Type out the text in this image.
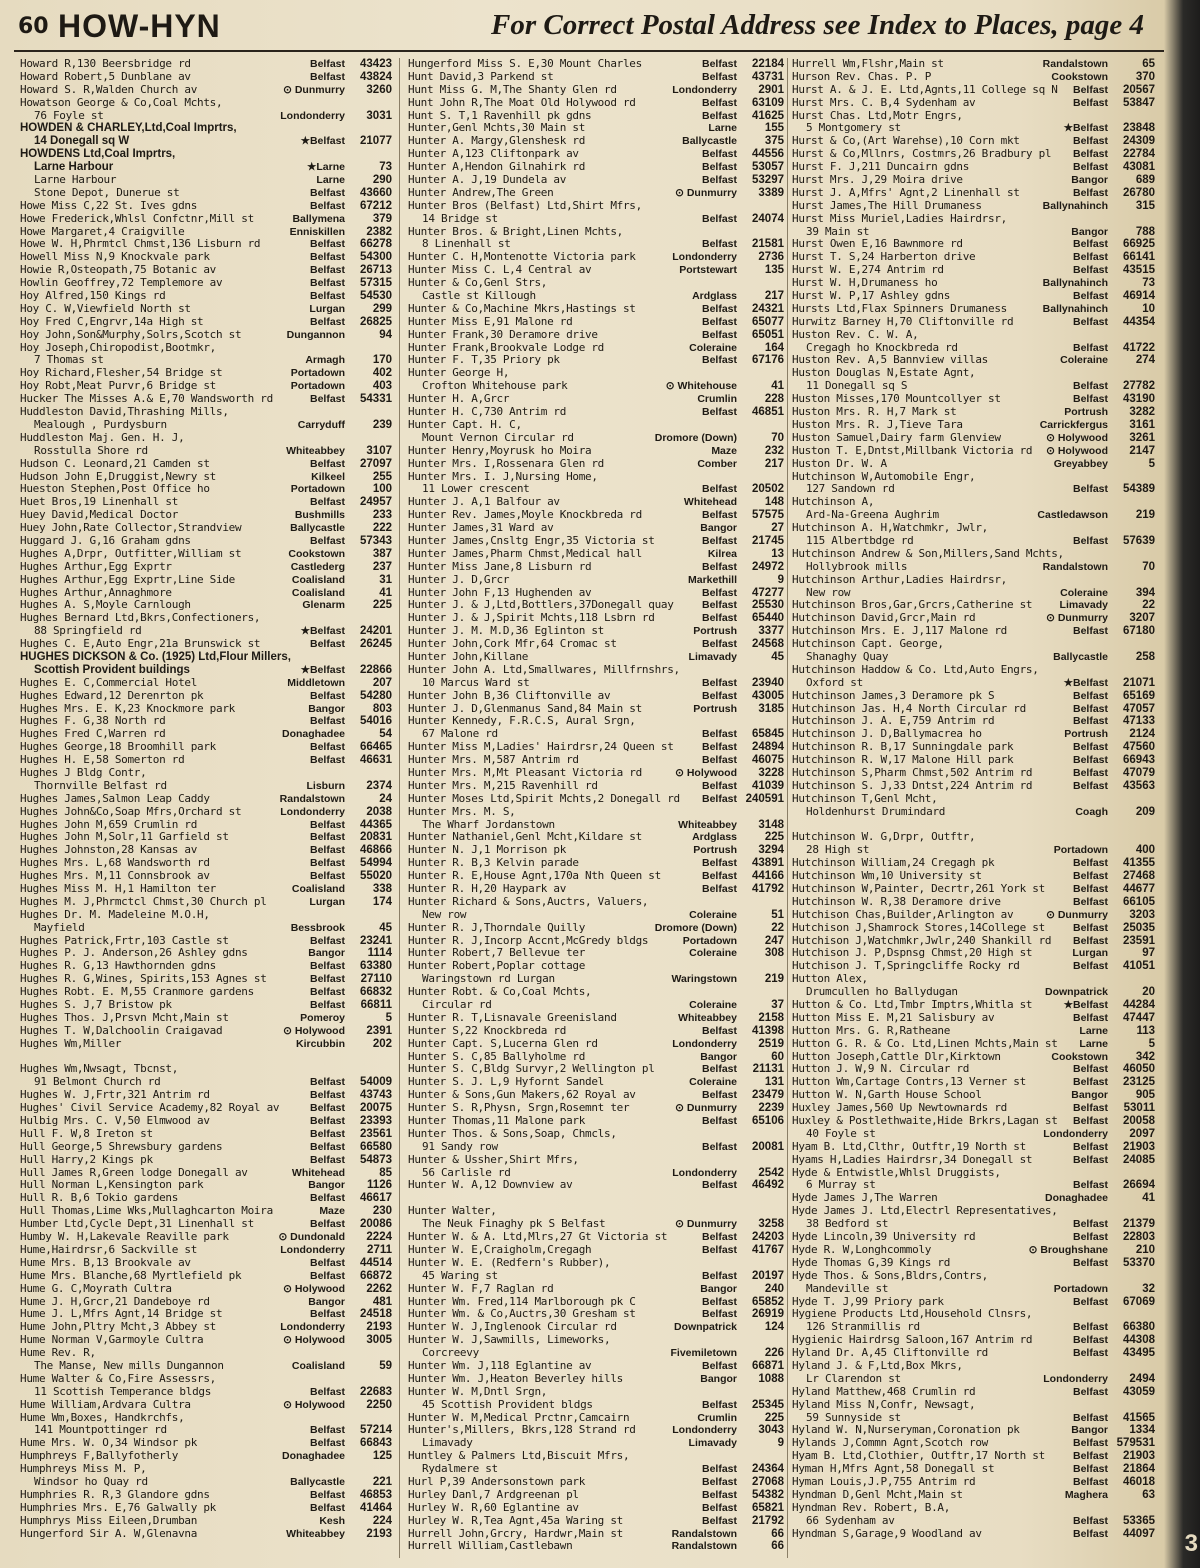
60 HOW-HYN	For Correct Postal Address see Index to Places, page 4
Howard R,130 Beersbridge rd	Belfast	43423
Howard Robert,5 Dunblane av	Belfast	43824
Howard S. R,Walden Church av	⊙ Dunmurry	3260
Howatson George & Co,Coal Mchts,
76 Foyle st	Londonderry	3031
HOWDEN & CHARLEY,Ltd,Coal Imprtrs,
14 Donegall sq W	★Belfast	21077
HOWDENS Ltd,Coal Imprtrs,
Larne Harbour	★Larne	73
Larne Harbour	Larne	290
Stone Depot, Dunerue st	Belfast	43660
Howe Miss C,22 St. Ives gdns	Belfast	67212
Howe Frederick,Whlsl Confctnr,Mill st	Ballymena	379
Howe Margaret,4 Craigville	Enniskillen	2382
Howe W. H,Phrmtcl Chmst,136 Lisburn rd	Belfast	66278
Howell Miss N,9 Knockvale park	Belfast	54300
Howie R,Osteopath,75 Botanic av	Belfast	26713
Howlin Geoffrey,72 Templemore av	Belfast	57315
Hoy Alfred,150 Kings rd	Belfast	54530
Hoy C. W,Viewfield North st	Lurgan	299
Hoy Fred C,Engrvr,14a High st	Belfast	26825
Hoy John,Son&Murphy,Solrs,Scotch st	Dungannon	94
Hoy Joseph,Chiropodist,Bootmkr,
7 Thomas st	Armagh	170
Hoy Richard,Flesher,54 Bridge st	Portadown	402
Hoy Robt,Meat Purvr,6 Bridge st	Portadown	403
Hucker The Misses A.& E,70 Wandsworth rd	Belfast	54331
Huddleston David,Thrashing Mills,
Mealough , Purdysburn	Carryduff	239
Huddleston Maj. Gen. H. J,
Rosstulla Shore rd	Whiteabbey	3107
Hudson C. Leonard,21 Camden st	Belfast	27097
Hudson John E,Druggist,Newry st	Kilkeel	255
Hueston Stephen,Post Office ho	Portadown	100
Huet Bros,19 Linenhall st	Belfast	24957
Huey David,Medical Doctor	Bushmills	233
Huey John,Rate Collector,Strandview	Ballycastle	222
Huggard J. G,16 Graham gdns	Belfast	57343
Hughes A,Drpr, Outfitter,William st	Cookstown	387
Hughes Arthur,Egg Exprtr	Castlederg	237
Hughes Arthur,Egg Exprtr,Line Side	Coalisland	31
Hughes Arthur,Annaghmore	Coalisland	41
Hughes A. S,Moyle Carnlough	Glenarm	225
Hughes Bernard Ltd,Bkrs,Confectioners,
88 Springfield rd	★Belfast	24201
Hughes C. E,Auto Engr,21a Brunswick st	Belfast	26245
HUGHES DICKSON & Co. (1925) Ltd,Flour Millers,
Scottish Provident buildings	★Belfast	22866
Hughes E. C,Commercial Hotel	Middletown	207
Hughes Edward,12 Derenrton pk	Belfast	54280
Hughes Mrs. E. K,23 Knockmore park	Bangor	803
Hughes F. G,38 North rd	Belfast	54016
Hughes Fred C,Warren rd	Donaghadee	54
Hughes George,18 Broomhill park	Belfast	66465
Hughes H. E,58 Somerton rd	Belfast	46631
Hughes J Bldg Contr,
Thornville Belfast rd	Lisburn	2374
Hughes James,Salmon Leap Caddy	Randalstown	24
Hughes John&Co,Soap Mfrs,Orchard st	Londonderry	2038
Hughes John M,659 Crumlin rd	Belfast	44365
Hughes John M,Solr,11 Garfield st	Belfast	20831
Hughes Johnston,28 Kansas av	Belfast	46866
Hughes Mrs. L,68 Wandsworth rd	Belfast	54994
Hughes Mrs. M,11 Connsbrook av	Belfast	55020
Hughes Miss M. H,1 Hamilton ter	Coalisland	338
Hughes M. J,Phrmctcl Chmst,30 Church pl	Lurgan	174
Hughes Dr. M. Madeleine M.O.H,
Mayfield	Bessbrook	45
Hughes Patrick,Frtr,103 Castle st	Belfast	23241
Hughes P. J. Anderson,26 Ashley gdns	Bangor	1114
Hughes R. G,13 Hawthornden gdns	Belfast	63380
Hughes R. G,Wines, Spirits,153 Agnes st	Belfast	27110
Hughes Robt. E. M,55 Cranmore gardens	Belfast	66832
Hughes S. J,7 Bristow pk	Belfast	66811
Hughes Thos. J,Prsvn Mcht,Main st	Pomeroy	5
Hughes T. W,Dalchoolin Craigavad	⊙ Holywood	2391
Hughes Wm,Miller	Kircubbin	202
Hughes Wm,Nwsagt, Tbcnst,
91 Belmont Church rd	Belfast	54009
Hughes W. J,Frtr,321 Antrim rd	Belfast	43743
Hughes' Civil Service Academy,82 Royal av	Belfast	20075
Hulbig Mrs. C. V,50 Elmwood av	Belfast	23393
Hull F. W,8 Ireton st	Belfast	23561
Hull George,5 Shrewsbury gardens	Belfast	66580
Hull Harry,2 Kings pk	Belfast	54873
Hull James R,Green lodge Donegall av	Whitehead	85
Hull Norman L,Kensington park	Bangor	1126
Hull R. B,6 Tokio gardens	Belfast	46617
Hull Thomas,Lime Wks,Mullaghcarton Moira	Maze	230
Humber Ltd,Cycle Dept,31 Linenhall st	Belfast	20086
Humby W. H,Lakevale Reaville park	⊙ Dundonald	2224
Hume,Hairdrsr,6 Sackville st	Londonderry	2711
Hume Mrs. B,13 Brookvale av	Belfast	44514
Hume Mrs. Blanche,68 Myrtlefield pk	Belfast	66872
Hume G. C,Moyrath Cultra	⊙ Holywood	2262
Hume J. H,Grcr,21 Dandeboye rd	Bangor	481
Hume J. L,Mfrs Agnt,14 Bridge st	Belfast	24518
Hume John,Pltry Mcht,3 Abbey st	Londonderry	2193
Hume Norman V,Garmoyle Cultra	⊙ Holywood	3005
Hume Rev. R,
The Manse, New mills Dungannon	Coalisland	59
Hume Walter & Co,Fire Assessrs,
11 Scottish Temperance bldgs	Belfast	22683
Hume William,Ardvara Cultra	⊙ Holywood	2250
Hume Wm,Boxes, Handkrchfs,
141 Mountpottinger rd	Belfast	57214
Hume Mrs. W. O,34 Windsor pk	Belfast	66843
Humphreys F,Ballyfotherly	Donaghadee	125
Humphreys Miss M. P,
Windsor ho Quay rd	Ballycastle	221
Humphries R. R,3 Glandore gdns	Belfast	46853
Humphries Mrs. E,76 Galwally pk	Belfast	41464
Humphrys Miss Eileen,Drumban	Kesh	224
Hungerford Sir A. W,Glenavna	Whiteabbey	2193
Hungerford Miss S. E,30 Mount Charles	Belfast	22184
Hunt David,3 Parkend st	Belfast	43731
Hunt Miss G. M,The Shanty Glen rd	Londonderry	2901
Hunt John R,The Moat Old Holywood rd	Belfast	63109
Hunt S. T,1 Ravenhill pk gdns	Belfast	41625
Hunter,Genl Mchts,30 Main st	Larne	155
Hunter A. Margy,Glenshesk rd	Ballycastle	375
Hunter A,123 Cliftonpark av	Belfast	44556
Hunter A,Hendon Gilnahirk rd	Belfast	53057
Hunter A. J,19 Dundela av	Belfast	53297
Hunter Andrew,The Green	⊙ Dunmurry	3389
Hunter Bros (Belfast) Ltd,Shirt Mfrs,
14 Bridge st	Belfast	24074
Hunter Bros. & Bright,Linen Mchts,
8 Linenhall st	Belfast	21581
Hunter C. H,Montenotte Victoria park	Londonderry	2736
Hunter Miss C. L,4 Central av	Portstewart	135
Hunter & Co,Genl Strs,
Castle st Killough	Ardglass	217
Hunter & Co,Machine Mkrs,Hastings st	Belfast	24321
Hunter Miss E,91 Malone rd	Belfast	65077
Hunter Frank,30 Deramore drive	Belfast	65051
Hunter Frank,Brookvale Lodge rd	Coleraine	164
Hunter F. T,35 Priory pk	Belfast	67176
Hunter George H,
Crofton Whitehouse park	⊙ Whitehouse	41
Hunter H. A,Grcr	Crumlin	228
Hunter H. C,730 Antrim rd	Belfast	46851
Hunter Capt. H. C,
Mount Vernon Circular rd	Dromore (Down)	70
Hunter Henry,Moyrusk ho Moira	Maze	232
Hunter Mrs. I,Rossenara Glen rd	Comber	217
Hunter Mrs. I. J,Nursing Home,
11 Lower crescent	Belfast	20502
Hunter J. A,1 Balfour av	Whitehead	148
Hunter Rev. James,Moyle Knockbreda rd	Belfast	57575
Hunter James,31 Ward av	Bangor	27
Hunter James,Cnsltg Engr,35 Victoria st	Belfast	21745
Hunter James,Pharm Chmst,Medical hall	Kilrea	13
Hunter Miss Jane,8 Lisburn rd	Belfast	24972
Hunter J. D,Grcr	Markethill	9
Hunter John F,13 Hughenden av	Belfast	47277
Hunter J. & J,Ltd,Bottlers,37Donegall quay	Belfast	25530
Hunter J. & J,Spirit Mchts,118 Lsbrn rd	Belfast	65440
Hunter J. M. M.D,36 Eglinton st	Portrush	3377
Hunter John,Cork Mfr,64 Cromac st	Belfast	24568
Hunter John,Killane	Limavady	45
Hunter John A. Ltd,Smallwares, Millfrnshrs,
10 Marcus Ward st	Belfast	23940
Hunter John B,36 Cliftonville av	Belfast	43005
Hunter J. D,Glenmanus Sand,84 Main st	Portrush	3185
Hunter Kennedy, F.R.C.S, Aural Srgn,
67 Malone rd	Belfast	65845
Hunter Miss M,Ladies' Hairdrsr,24 Queen st	Belfast	24894
Hunter Mrs. M,587 Antrim rd	Belfast	46075
Hunter Mrs. M,Mt Pleasant Victoria rd	⊙ Holywood	3228
Hunter Mrs. M,215 Ravenhill rd	Belfast	41039
Hunter Moses Ltd,Spirit Mchts,2 Donegall rd	Belfast 240591
Hunter Mrs. M. S,
The Wharf Jordanstown	Whiteabbey	3148
Hunter Nathaniel,Genl Mcht,Kildare st	Ardglass	225
Hunter N. J,1 Morrison pk	Portrush	3294
Hunter R. B,3 Kelvin parade	Belfast	43891
Hunter R. E,House Agnt,170a Nth Queen st	Belfast	44166
Hunter R. H,20 Haypark av	Belfast	41792
Hunter Richard & Sons,Auctrs, Valuers,
New row	Coleraine	51
Hunter R. J,Thorndale Quilly	Dromore (Down)	22
Hunter R. J,Incorp Accnt,McGredy bldgs	Portadown	247
Hunter Robert,7 Bellevue ter	Coleraine	308
Hunter Robert,Poplar cottage
Waringstown rd Lurgan	Waringstown	219
Hunter Robt. & Co,Coal Mchts,
Circular rd	Coleraine	37
Hunter R. T,Lisnavale Greenisland	Whiteabbey	2158
Hunter S,22 Knockbreda rd	Belfast	41398
Hunter Capt. S,Lucerna Glen rd	Londonderry	2519
Hunter S. C,85 Ballyholme rd	Bangor	60
Hunter S. C,Bldg Survyr,2 Wellington pl	Belfast	21131
Hunter S. J. L,9 Hyfornt Sandel	Coleraine	131
Hunter & Sons,Gun Makers,62 Royal av	Belfast	23479
Hunter S. R,Physn, Srgn,Rosemnt ter	⊙ Dunmurry	2239
Hunter Thomas,11 Malone park	Belfast	65106
Hunter Thos. & Sons,Soap, Chmcls,
91 Sandy row	Belfast	20081
Hunter & Ussher,Shirt Mfrs,
56 Carlisle rd	Londonderry	2542
Hunter W. A,12 Downview av	Belfast	46492
Hunter Walter,
The Neuk Finaghy pk S Belfast	⊙ Dunmurry	3258
Hunter W. & A. Ltd,Mlrs,27 Gt Victoria st	Belfast	24203
Hunter W. E,Craigholm,Cregagh	Belfast	41767
Hunter W. E. (Redfern's Rubber),
45 Waring st	Belfast	20197
Hunter W. F,7 Raglan rd	Bangor	240
Hunter Wm. Fred,114 Marlborough pk C	Belfast	65852
Hunter Wm. & Co,Auctrs,30 Gresham st	Belfast	26919
Hunter W. J,Inglenook Circular rd	Downpatrick	124
Hunter W. J,Sawmills, Limeworks,
Corcreevy	Fivemiletown	226
Hunter Wm. J,118 Eglantine av	Belfast	66871
Hunter Wm. J,Heaton Beverley hills	Bangor	1088
Hunter W. M,Dntl Srgn,
45 Scottish Provident bldgs	Belfast	25345
Hunter W. M,Medical Prctnr,Camcairn	Crumlin	225
Hunter's,Millers, Bkrs,128 Strand rd	Londonderry	3043
Limavady	Limavady	9
Huntley & Palmers Ltd,Biscuit Mfrs,
Rydalmere st	Belfast	24364
Hurl P,39 Andersonstown park	Belfast	27068
Hurley Danl,7 Ardgreenan pl	Belfast	54382
Hurley W. R,60 Eglantine av	Belfast	65821
Hurley W. R,Tea Agnt,45a Waring st	Belfast	21792
Hurrell John,Grcry, Hardwr,Main st	Randalstown	66
Hurrell William,Castlebawn	Randalstown	66
Hurrell Wm,Flshr,Main st	Randalstown	65
Hurson Rev. Chas. P. P	Cookstown	370
Hurst A. & J. E. Ltd,Agnts,11 College sq N	Belfast	20567
Hurst Mrs. C. B,4 Sydenham av	Belfast	53847
Hurst Chas. Ltd,Motr Engrs,
5 Montgomery st	★Belfast	23848
Hurst & Co,(Art Warehse),10 Corn mkt	Belfast	24309
Hurst & Co,Mllnrs, Costmrs,26 Bradbury pl	Belfast	22784
Hurst F. J,211 Duncairn gdns	Belfast	43081
Hurst Mrs. J,29 Moira drive	Bangor	689
Hurst J. A,Mfrs' Agnt,2 Linenhall st	Belfast	26780
Hurst James,The Hill Drumaness	Ballynahinch	315
Hurst Miss Muriel,Ladies Hairdrsr,
39 Main st	Bangor	788
Hurst Owen E,16 Bawnmore rd	Belfast	66925
Hurst T. S,24 Harberton drive	Belfast	66141
Hurst W. E,274 Antrim rd	Belfast	43515
Hurst W. H,Drumaness ho	Ballynahinch	73
Hurst W. P,17 Ashley gdns	Belfast	46914
Hursts Ltd,Flax Spinners Drumaness	Ballynahinch	10
Hurwitz Barney H,70 Cliftonville rd	Belfast	44354
Huston Rev. C. W. A,
Cregagh ho Knockbreda rd	Belfast	41722
Huston Rev. A,5 Bannview villas	Coleraine	274
Huston Douglas N,Estate Agnt,
11 Donegall sq S	Belfast	27782
Huston Misses,170 Mountcollyer st	Belfast	43190
Huston Mrs. R. H,7 Mark st	Portrush	3282
Huston Mrs. R. J,Tieve Tara	Carrickfergus	3161
Huston Samuel,Dairy farm Glenview	⊙ Holywood	3261
Huston T. E,Dntst,Millbank Victoria rd	⊙ Holywood	2147
Huston Dr. W. A	Greyabbey	5
Hutchinson W,Automobile Engr,
127 Sandown rd	Belfast	54389
Hutchinson A,
Ard-Na-Greena Aughrim	Castledawson	219
Hutchinson A. H,Watchmkr, Jwlr,
115 Albertbdge rd	Belfast	57639
Hutchinson Andrew & Son,Millers,Sand Mchts,
Hollybrook mills	Randalstown	70
Hutchinson Arthur,Ladies Hairdrsr,
New row	Coleraine	394
Hutchinson Bros,Gar,Grcrs,Catherine st	Limavady	22
Hutchinson David,Grcr,Main rd	⊙ Dunmurry	3207
Hutchinson Mrs. E. J,117 Malone rd	Belfast	67180
Hutchinson Capt. George,
Shanaghy Quay	Ballycastle	258
Hutchinson Haddow & Co. Ltd,Auto Engrs,
Oxford st	★Belfast	21071
Hutchinson James,3 Deramore pk S	Belfast	65169
Hutchinson Jas. H,4 North Circular rd	Belfast	47057
Hutchinson J. A. E,759 Antrim rd	Belfast	47133
Hutchinson J. D,Ballymacrea ho	Portrush	2124
Hutchinson R. B,17 Sunningdale park	Belfast	47560
Hutchinson R. W,17 Malone Hill park	Belfast	66943
Hutchinson S,Pharm Chmst,502 Antrim rd	Belfast	47079
Hutchinson S. J,33 Dntst,224 Antrim rd	Belfast	43563
Hutchinson T,Genl Mcht,
Holdenhurst Drumindard	Coagh	209
Hutchinson W. G,Drpr, Outftr,
28 High st	Portadown	400
Hutchinson William,24 Cregagh pk	Belfast	41355
Hutchinson Wm,10 University st	Belfast	27468
Hutchinson W,Painter, Decrtr,261 York st	Belfast	44677
Hutchinson W. R,38 Deramore drive	Belfast	66105
Hutchison Chas,Builder,Arlington av	⊙ Dunmurry	3203
Hutchison J,Shamrock Stores,14College st	Belfast	25035
Hutchison J,Watchmkr,Jwlr,240 Shankill rd	Belfast	23591
Hutchison J. P,Dspnsg Chmst,20 High st	Lurgan	97
Hutchison J. T,Springcliffe Rocky rd	Belfast	41051
Hutton Alex,
Drumcullen ho Ballydugan	Downpatrick	20
Hutton & Co. Ltd,Tmbr Imptrs,Whitla st	★Belfast	44284
Hutton Miss E. M,21 Salisbury av	Belfast	47447
Hutton Mrs. G. R,Ratheane	Larne	113
Hutton G. R. & Co. Ltd,Linen Mchts,Main st	Larne	5
Hutton Joseph,Cattle Dlr,Kirktown	Cookstown	342
Hutton J. W,9 N. Circular rd	Belfast	46050
Hutton Wm,Cartage Contrs,13 Verner st	Belfast	23125
Hutton W. N,Garth House School	Bangor	905
Huxley James,560 Up Newtownards rd	Belfast	53011
Huxley & Postlethwaite,Hide Brkrs,Lagan st	Belfast	20058
40 Foyle st	Londonderry	2097
Hyam B. Ltd,Clthr, Outftr,19 North st	Belfast	21903
Hyams H,Ladies Hairdrsr,34 Donegall st	Belfast	24085
Hyde & Entwistle,Whlsl Druggists,
6 Murray st	Belfast	26694
Hyde James J,The Warren	Donaghadee	41
Hyde James J. Ltd,Electrl Representatives,
38 Bedford st	Belfast	21379
Hyde Lincoln,39 University rd	Belfast	22803
Hyde R. W,Longhcommoly	⊙ Broughshane	210
Hyde Thomas G,39 Kings rd	Belfast	53370
Hyde Thos. & Sons,Bldrs,Contrs,
Mandeville st	Portadown	32
Hyde T. J,99 Priory park	Belfast	67069
Hygiene Products Ltd,Household Clnsrs,
126 Stranmillis rd	Belfast	66380
Hygienic Hairdrsg Saloon,167 Antrim rd	Belfast	44308
Hyland Dr. A,45 Cliftonville rd	Belfast	43495
Hyland J. & F,Ltd,Box Mkrs,
Lr Clarendon st	Londonderry	2494
Hyland Matthew,468 Crumlin rd	Belfast	43059
Hyland Miss N,Confr, Newsagt,
59 Sunnyside st	Belfast	41565
Hyland W. N,Nurseryman,Coronation pk	Bangor	1334
Hylands J,Commn Agnt,Scotch row	Belfast 579531
Hyam B. Ltd,Clothier, Outftr,17 North st	Belfast	21903
Hyman H,Mfrs Agnt,58 Donegall st	Belfast	21864
Hyman Louis,J.P,755 Antrim rd	Belfast	46018
Hyndman D,Genl Mcht,Main st	Maghera	63
Hyndman Rev. Robert, B.A,
66 Sydenham av	Belfast	53365
Hyndman S,Garage,9 Woodland av	Belfast	44097 3
